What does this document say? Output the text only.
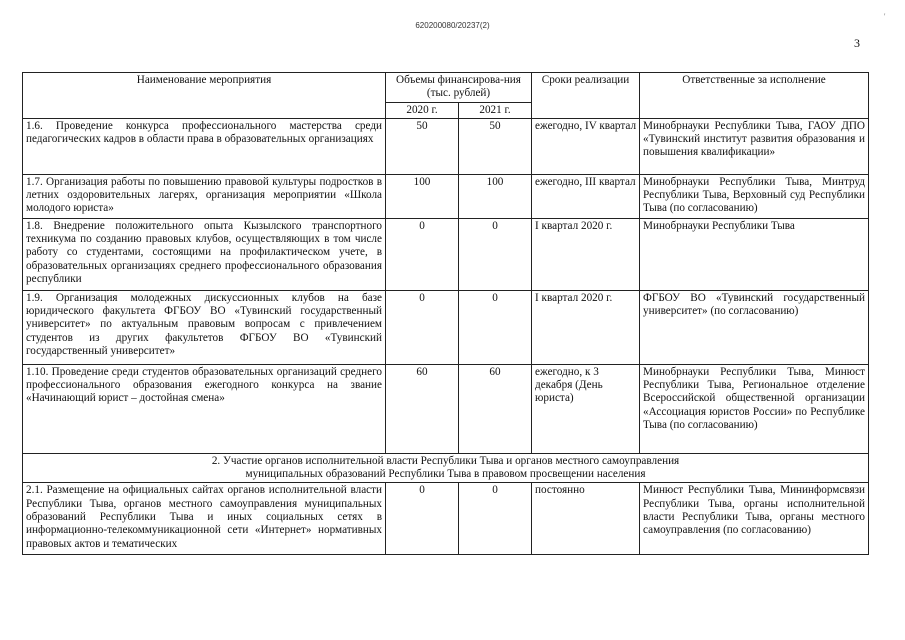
620200080/20237(2)
'
3
Наименование мероприятия	Объемы финансирова-ния (тыс. рублей)		Сроки реализации	Ответственные за исполнение
	2020 г.	2021 г.		
1.6. Проведение конкурса профессионального мастерства среди педагогических кадров в области права в образовательных организациях	50	50	ежегодно, IV квартал	Минобрнауки Республики Тыва, ГАОУ ДПО «Тувинский институт развития образования и повышения квалификации»
1.7. Организация работы по повышению правовой культуры подростков в летних оздоровительных лагерях, организация мероприятии «Школа молодого юриста»	100	100	ежегодно, III квартал	Минобрнауки Республики Тыва, Минтруд Республики Тыва, Верховный суд Республики Тыва (по согласованию)
1.8. Внедрение положительного опыта Кызылского транспортного техникума по созданию правовых клубов, осуществляющих в том числе работу со студентами, состоящими на профилактическом учете, в образовательных организациях среднего профессионального образования республики	0	0	I квартал 2020 г.	Минобрнауки Республики Тыва
1.9. Организация молодежных дискуссионных клубов на базе юридического факультета ФГБОУ ВО «Тувинский государственный университет» по актуальным правовым вопросам с привлечением студентов из других факультетов ФГБОУ ВО «Тувинский государственный университет»	0	0	I квартал 2020 г.	ФГБОУ ВО «Тувинский государственный университет» (по согласованию)
1.10. Проведение среди студентов образовательных организаций среднего профессионального образования ежегодного конкурса на звание «Начинающий юрист – достойная смена»	60	60	ежегодно, к 3 декабря (День юриста)	Минобрнауки Республики Тыва, Минюст Республики Тыва, Региональное отделение Всероссийской общественной организации «Ассоциация юристов России» по Республике Тыва (по согласованию)

2. Участие органов исполнительной власти Республики Тыва и органов местного самоуправления
муниципальных образований Республики Тыва в правовом просвещении населения				

2.1. Размещение на официальных сайтах органов исполнительной власти Республики Тыва, органов местного самоуправления муниципальных образований Республики Тыва и иных социальных сетях в информационно-телекоммуникационной сети «Интернет» нормативных правовых актов и тематических	0	0	постоянно	Минюст Республики Тыва, Мининформсвязи Республики Тыва, органы исполнительной власти Республики Тыва, органы местного самоуправления (по согласованию)
